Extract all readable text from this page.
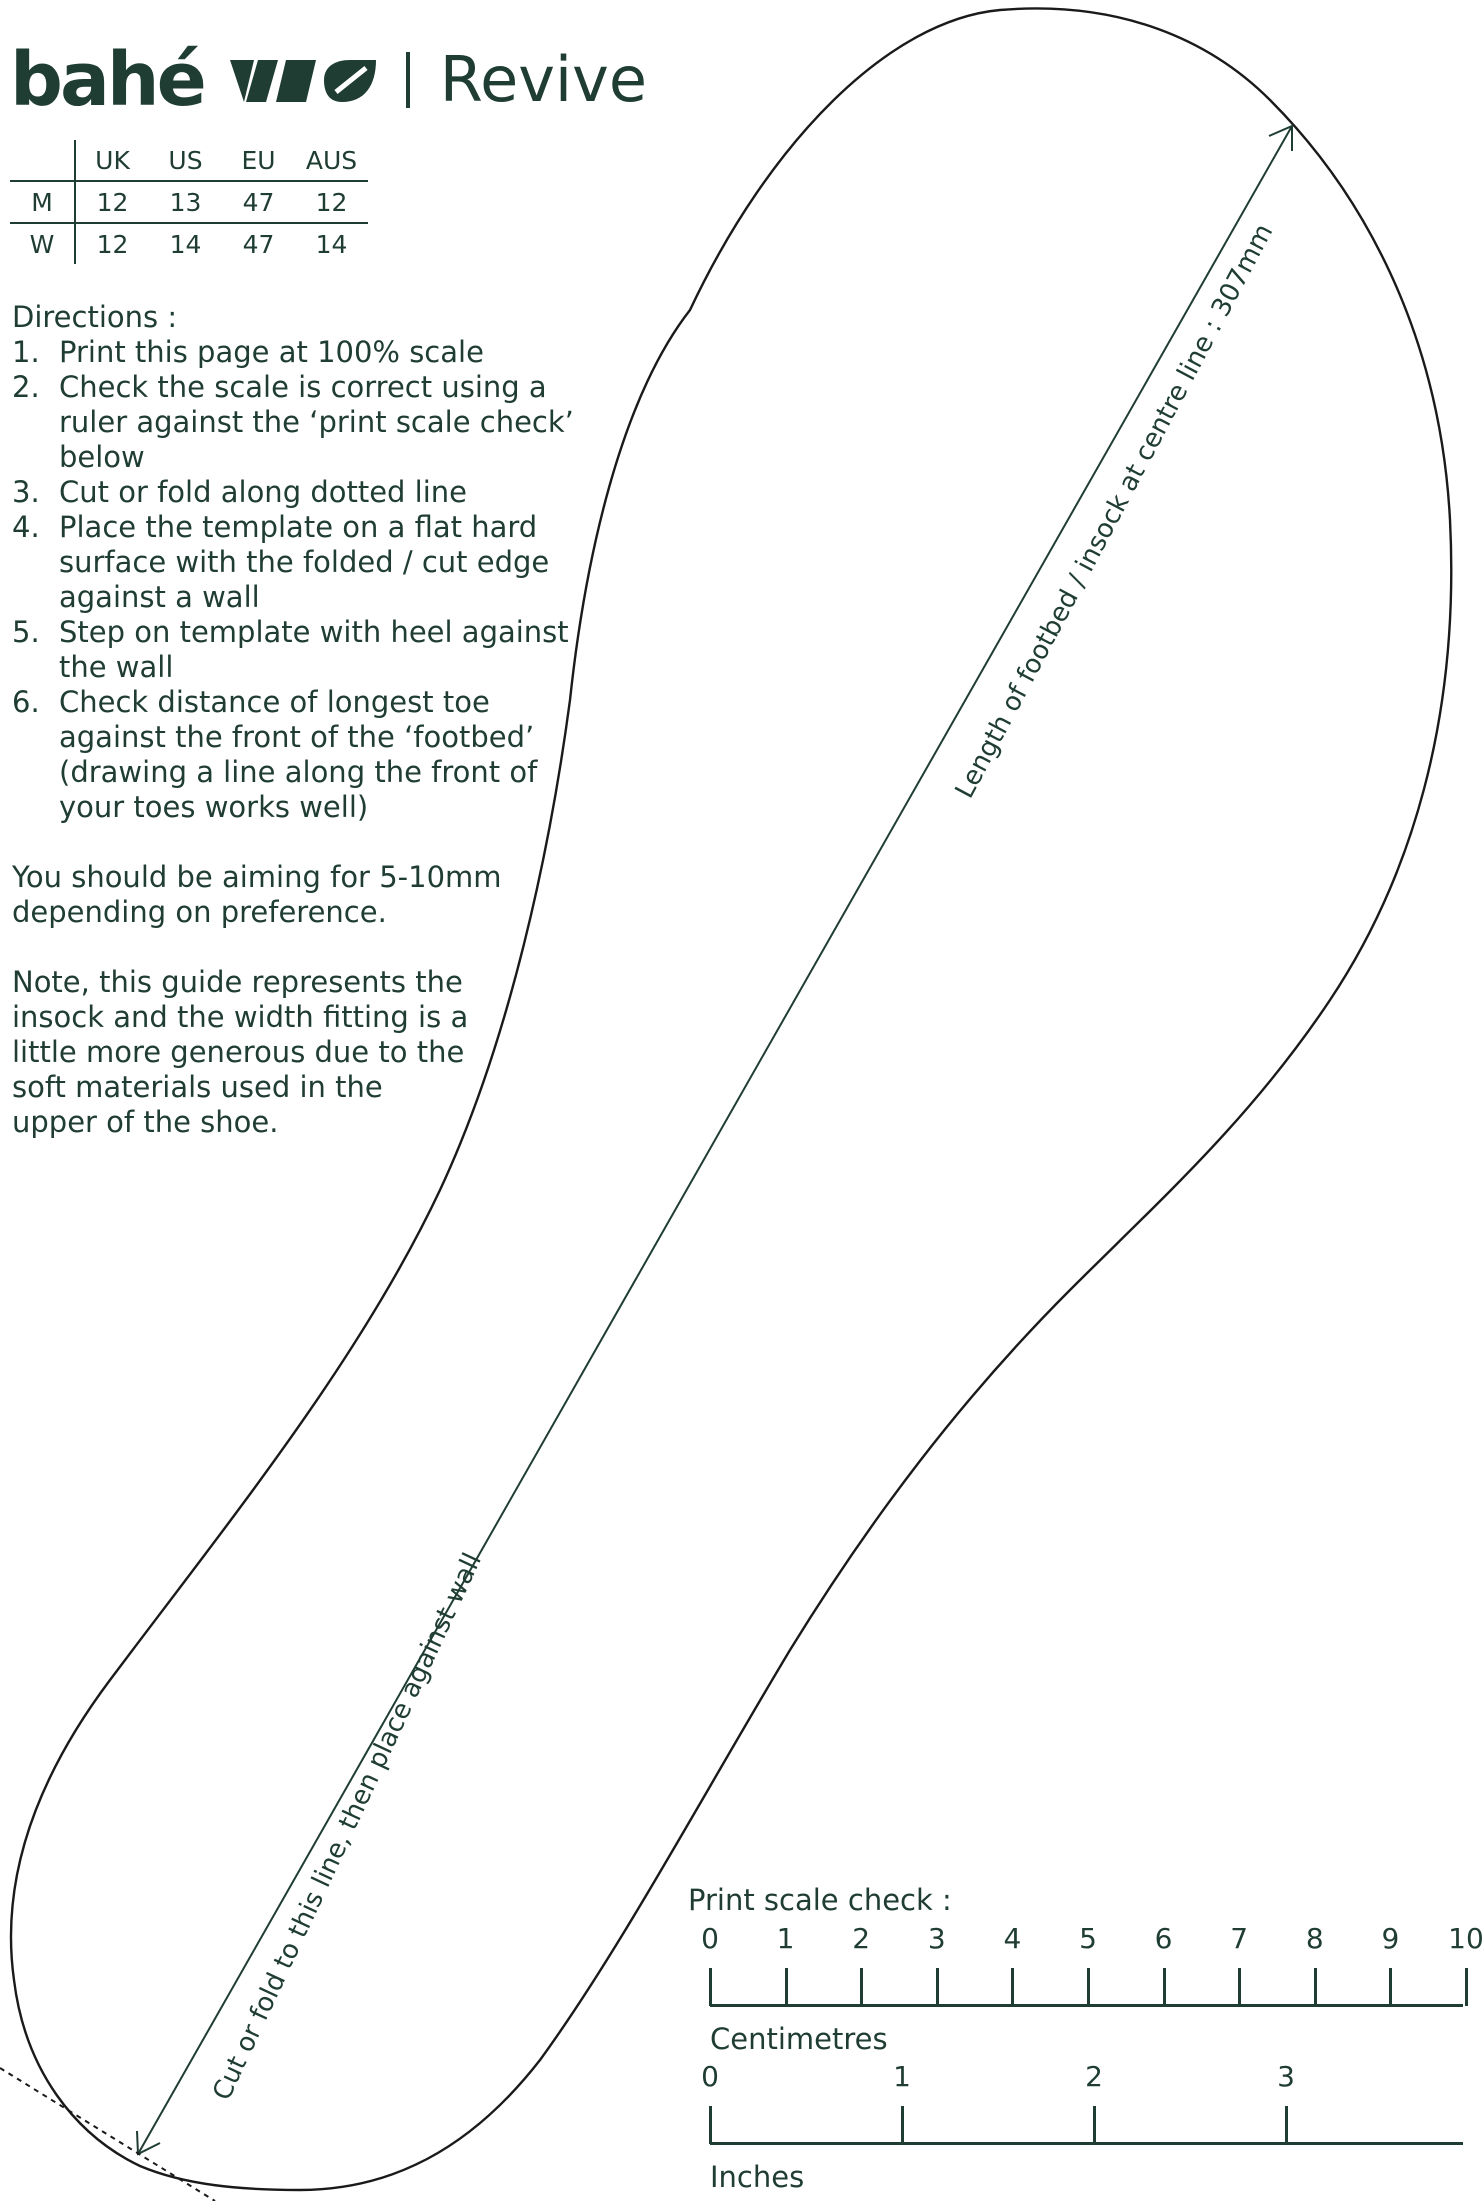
Length of footbed / insock at centre line : 307mm
Cut or fold to this line, then place against wall
bahé	Revive
	UK	US	EU	AUS
M	12	13	47	12
W	12	14	47	14

Directions :

1. Print this page at 100% scale
2. Check the scale is correct using a ruler against the ‘print scale check’ below
3. Cut or fold along dotted line
4. Place the template on a flat hard surface with the folded / cut edge against a wall
5. Step on template with heel against the wall
6. Check distance of longest toe against the front of the ‘footbed’ (drawing a line along the front of your toes works well)

You should be aiming for 5-10mm
depending on preference.

Note, this guide represents the
insock and the width fitting is a
little more generous due to the
soft materials used in the
upper of the shoe.

Print scale check :

Centimetres
0 1 2 3 4 5 6 7 8 9 10
Inches
0	1	2	3
